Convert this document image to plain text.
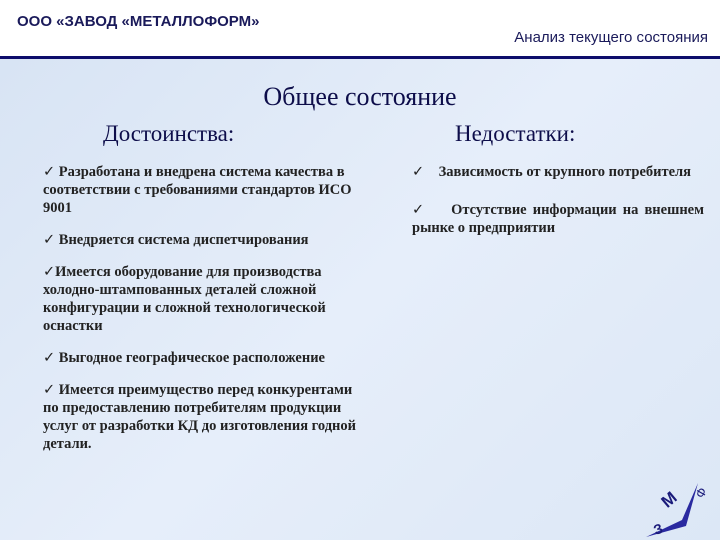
ООО «ЗАВОД «МЕТАЛЛОФОРМ»
Анализ текущего состояния
Общее состояние
Достоинства:	Недостатки:

✓ Разработана и внедрена система качества в соответствии с требованиями стандартов ИСО 9001

✓ Внедряется система диспетчирования

✓Имеется оборудование для производства холодно-штампованных деталей сложной конфигурации и сложной технологической оснастки

✓ Выгодное географическое расположение

✓ Имеется преимущество перед конкурентами по предоставлению потребителям продукции услуг от разработки КД до изготовления годной детали.

✓ Зависимость от крупного потребителя

✓ Отсутствие информации на внешнем рынке о предприятии

М
З
Ф
